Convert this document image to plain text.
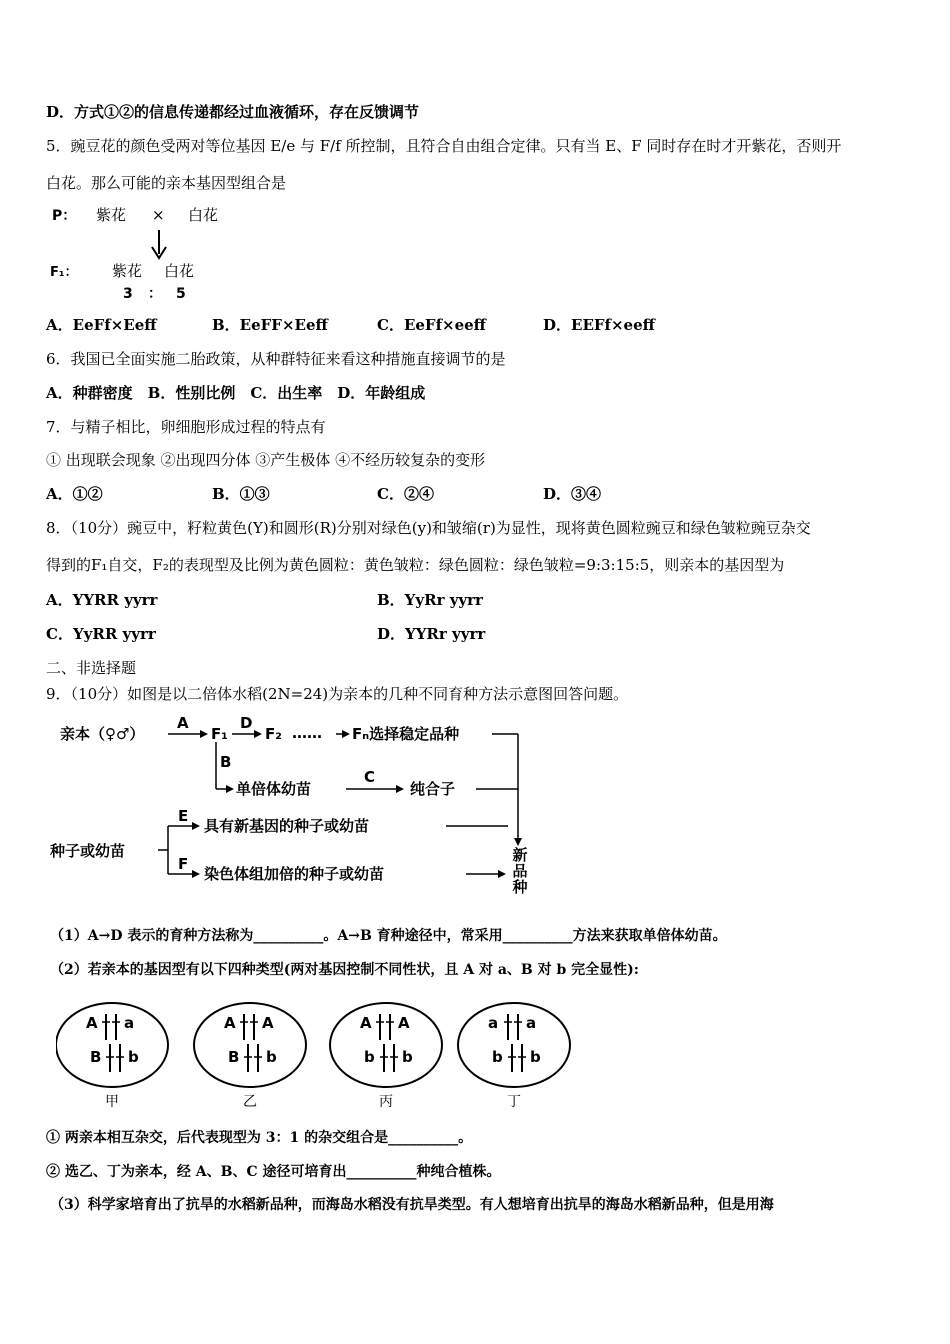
D．方式①②的信息传递都经过血液循环，存在反馈调节
5．豌豆花的颜色受两对等位基因 E/e 与 F/f 所控制，且符合自由组合定律。只有当 E、F 同时存在时才开紫花，否则开
白花。那么可能的亲本基因型组合是
P： 紫花 × 白花
F₁： 紫花 白花
3 ： 5
A．EeFf×Eeff	B．EeFF×Eeff	C．EeFf×eeff	D．EEFf×eeff
6．我国已全面实施二胎政策，从种群特征来看这种措施直接调节的是
A．种群密度　B．性别比例　C．出生率　D．年龄组成
7．与精子相比，卵细胞形成过程的特点有
① 出现联会现象 ②出现四分体 ③产生极体 ④不经历较复杂的变形
A．①②	B．①③	C．②④	D．③④
8．（10分）豌豆中，籽粒黄色(Y)和圆形(R)分别对绿色(y)和皱缩(r)为显性，现将黄色圆粒豌豆和绿色皱粒豌豆杂交
得到的F₁自交，F₂的表现型及比例为黄色圆粒：黄色皱粒：绿色圆粒：绿色皱粒=9:3:15:5，则亲本的基因型为
A．YYRR yyrr	B．YyRr yyrr
C．YyRR yyrr	D．YYRr yyrr
二、非选择题
9．（10分）如图是以二倍体水稻(2N=24)为亲本的几种不同育种方法示意图回答问题。
亲本（♀♂）
A
F₁
D
F₂ …… Fₙ选择稳定品种
B
单倍体幼苗
C
纯合子
种子或幼苗
E
具有新基因的种子或幼苗
F
染色体组加倍的种子或幼苗
新
品
种
新品种
（1）A→D 表示的育种方法称为__________。A→B 育种途径中，常采用__________方法来获取单倍体幼苗。
（2）若亲本的基因型有以下四种类型(两对基因控制不同性状，且 A 对 a、B 对 b 完全显性):
A a
B b
甲
A A
B b
乙
A A
b b
丙
a a
b b
丁
① 两亲本相互杂交，后代表现型为 3：1 的杂交组合是__________。
② 选乙、丁为亲本，经 A、B、C 途径可培育出__________种纯合植株。
（3）科学家培育出了抗旱的水稻新品种，而海岛水稻没有抗旱类型。有人想培育出抗旱的海岛水稻新品种，但是用海
